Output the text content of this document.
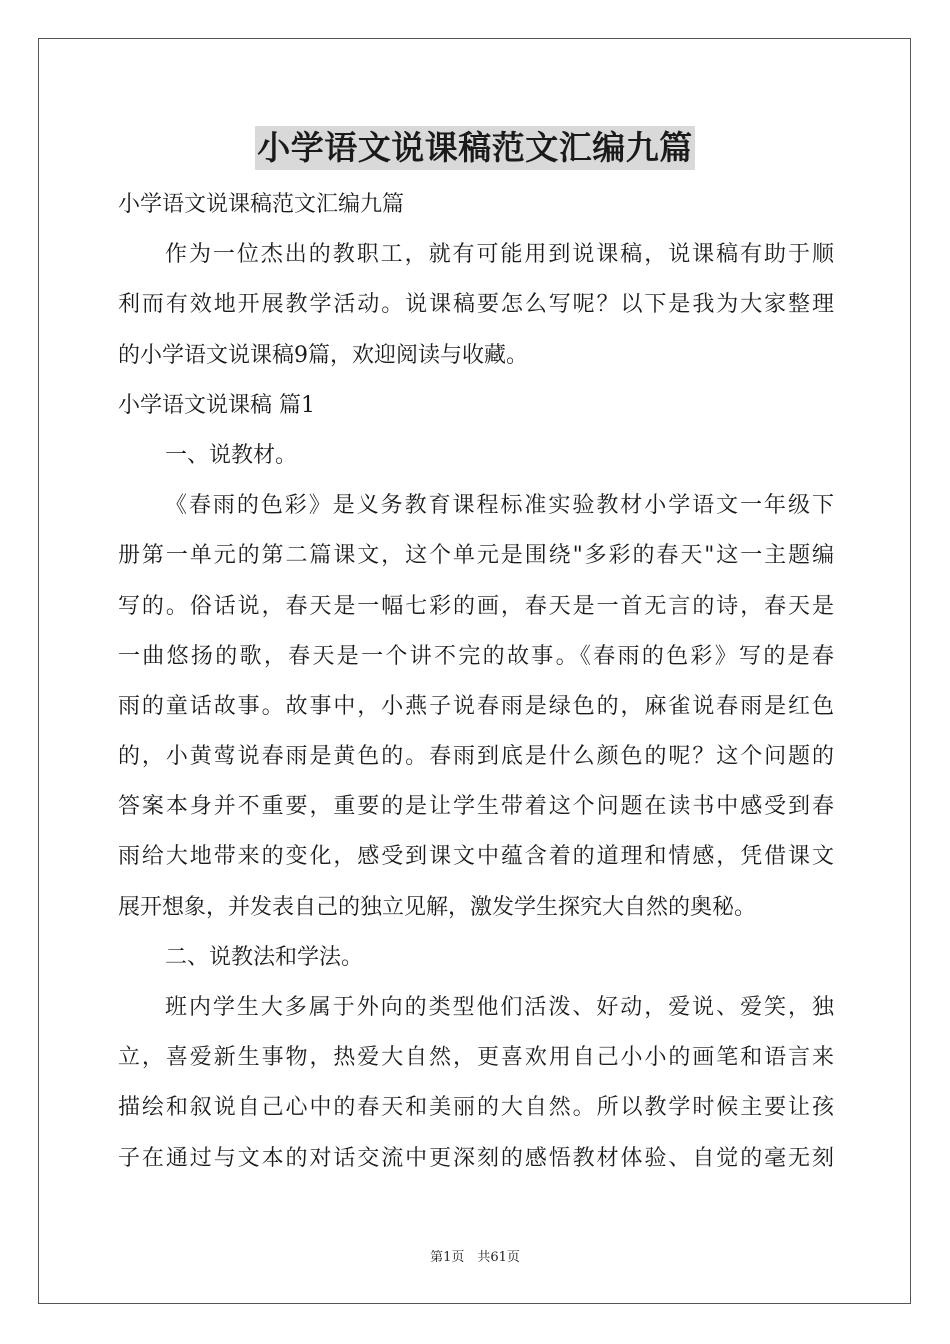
小学语文说课稿范文汇编九篇
小学语文说课稿范文汇编九篇
作为一位杰出的教职工，就有可能用到说课稿，说课稿有助于顺
利而有效地开展教学活动。说课稿要怎么写呢？以下是我为大家整理
的小学语文说课稿9篇，欢迎阅读与收藏。
小学语文说课稿 篇1
一、说教材。
《春雨的色彩》是义务教育课程标准实验教材小学语文一年级下
册第一单元的第二篇课文，这个单元是围绕"多彩的春天"这一主题编
写的。俗话说，春天是一幅七彩的画，春天是一首无言的诗，春天是
一曲悠扬的歌，春天是一个讲不完的故事。《春雨的色彩》写的是春
雨的童话故事。故事中，小燕子说春雨是绿色的，麻雀说春雨是红色
的，小黄莺说春雨是黄色的。春雨到底是什么颜色的呢？这个问题的
答案本身并不重要，重要的是让学生带着这个问题在读书中感受到春
雨给大地带来的变化，感受到课文中蕴含着的道理和情感，凭借课文
展开想象，并发表自己的独立见解，激发学生探究大自然的奥秘。
二、说教法和学法。
班内学生大多属于外向的类型他们活泼、好动，爱说、爱笑，独
立，喜爱新生事物，热爱大自然，更喜欢用自己小小的画笔和语言来
描绘和叙说自己心中的春天和美丽的大自然。所以教学时候主要让孩
子在通过与文本的对话交流中更深刻的感悟教材体验、自觉的毫无刻
第1页　共61页
